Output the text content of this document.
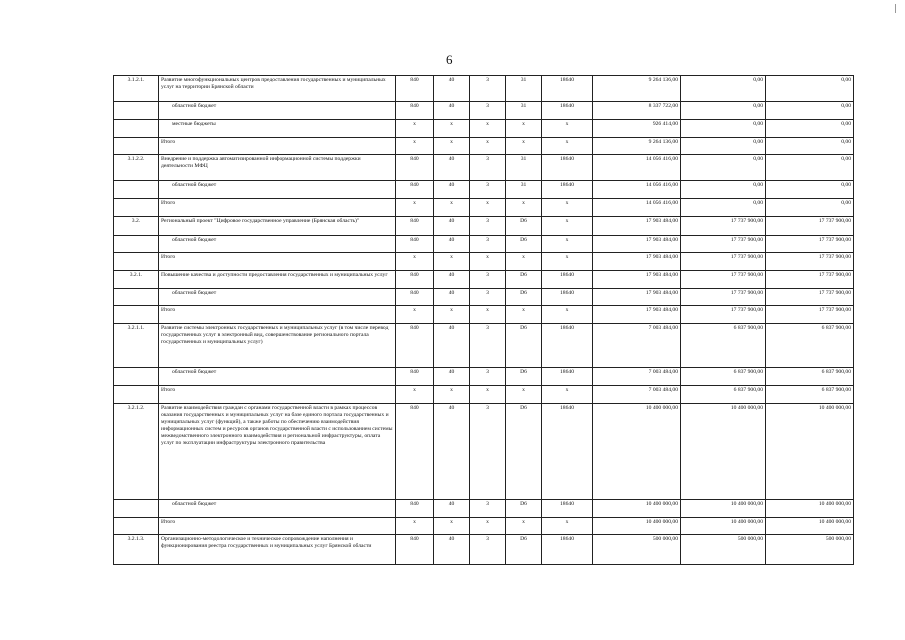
6
3.1.2.1.	Развитие многофункциональных центров предоставления государственных и муниципальных услуг на территории Брянской области	840	40	3	31	18640	9 264 136,00	0,00	0,00
	областной бюджет	840	40	3	31	18640	8 337 722,00	0,00	0,00
	местные бюджеты	x	x	x	x	x	926 414,00	0,00	0,00
	Итого	x	x	x	x	x	9 264 136,00	0,00	0,00
3.1.2.2.	Внедрение и поддержка автоматизированной информационной системы поддержки деятельности МФЦ	840	40	3	31	18640	14 056 416,00	0,00	0,00
	областной бюджет	840	40	3	31	18640	14 056 416,00	0,00	0,00
	Итого	x	x	x	x	x	14 056 416,00	0,00	0,00
3.2.	Региональный проект "Цифровое государственное управление (Брянская область)"	840	40	3	D6	x	17 903 484,00	17 737 900,00	17 737 900,00
	областной бюджет	840	40	3	D6	x	17 903 484,00	17 737 900,00	17 737 900,00
	Итого	x	x	x	x	x	17 903 484,00	17 737 900,00	17 737 900,00
3.2.1.	Повышение качества и доступности предоставления государственных и муниципальных услуг	840	40	3	D6	18640	17 903 484,00	17 737 900,00	17 737 900,00
	областной бюджет	840	40	3	D6	18640	17 903 484,00	17 737 900,00	17 737 900,00
	Итого	x	x	x	x	x	17 903 484,00	17 737 900,00	17 737 900,00
3.2.1.1.	Развитие системы электронных государственных и муниципальных услуг (в том числе перевод государственных услуг в электронный вид, совершенствование регионального портала государственных и муниципальных услуг)	840	40	3	D6	18640	7 003 484,00	6 837 900,00	6 837 900,00
	областной бюджет	840	40	3	D6	18640	7 003 484,00	6 837 900,00	6 837 900,00
	Итого	x	x	x	x	x	7 003 484,00	6 837 900,00	6 837 900,00
3.2.1.2.	Развитие взаимодействия граждан с органами государственной власти в рамках процессов оказания государственных и муниципальных услуг на базе единого портала государственных и муниципальных услуг (функций), а также работы по обеспечению взаимодействия информационных систем и ресурсов органов государственной власти с использованием системы межведомственного электронного взаимодействия и региональной инфраструктуры, оплата услуг по эксплуатации инфраструктуры электронного правительства	840	40	3	D6	18640	10 400 000,00	10 400 000,00	10 400 000,00
	областной бюджет	840	40	3	D6	18640	10 400 000,00	10 400 000,00	10 400 000,00
	Итого	x	x	x	x	x	10 400 000,00	10 400 000,00	10 400 000,00
3.2.1.3.	Организационно-методологическое и техническое сопровождение наполнения и функционирования реестра государственных и муниципальных услуг Брянской области	840	40	3	D6	18640	500 000,00	500 000,00	500 000,00
